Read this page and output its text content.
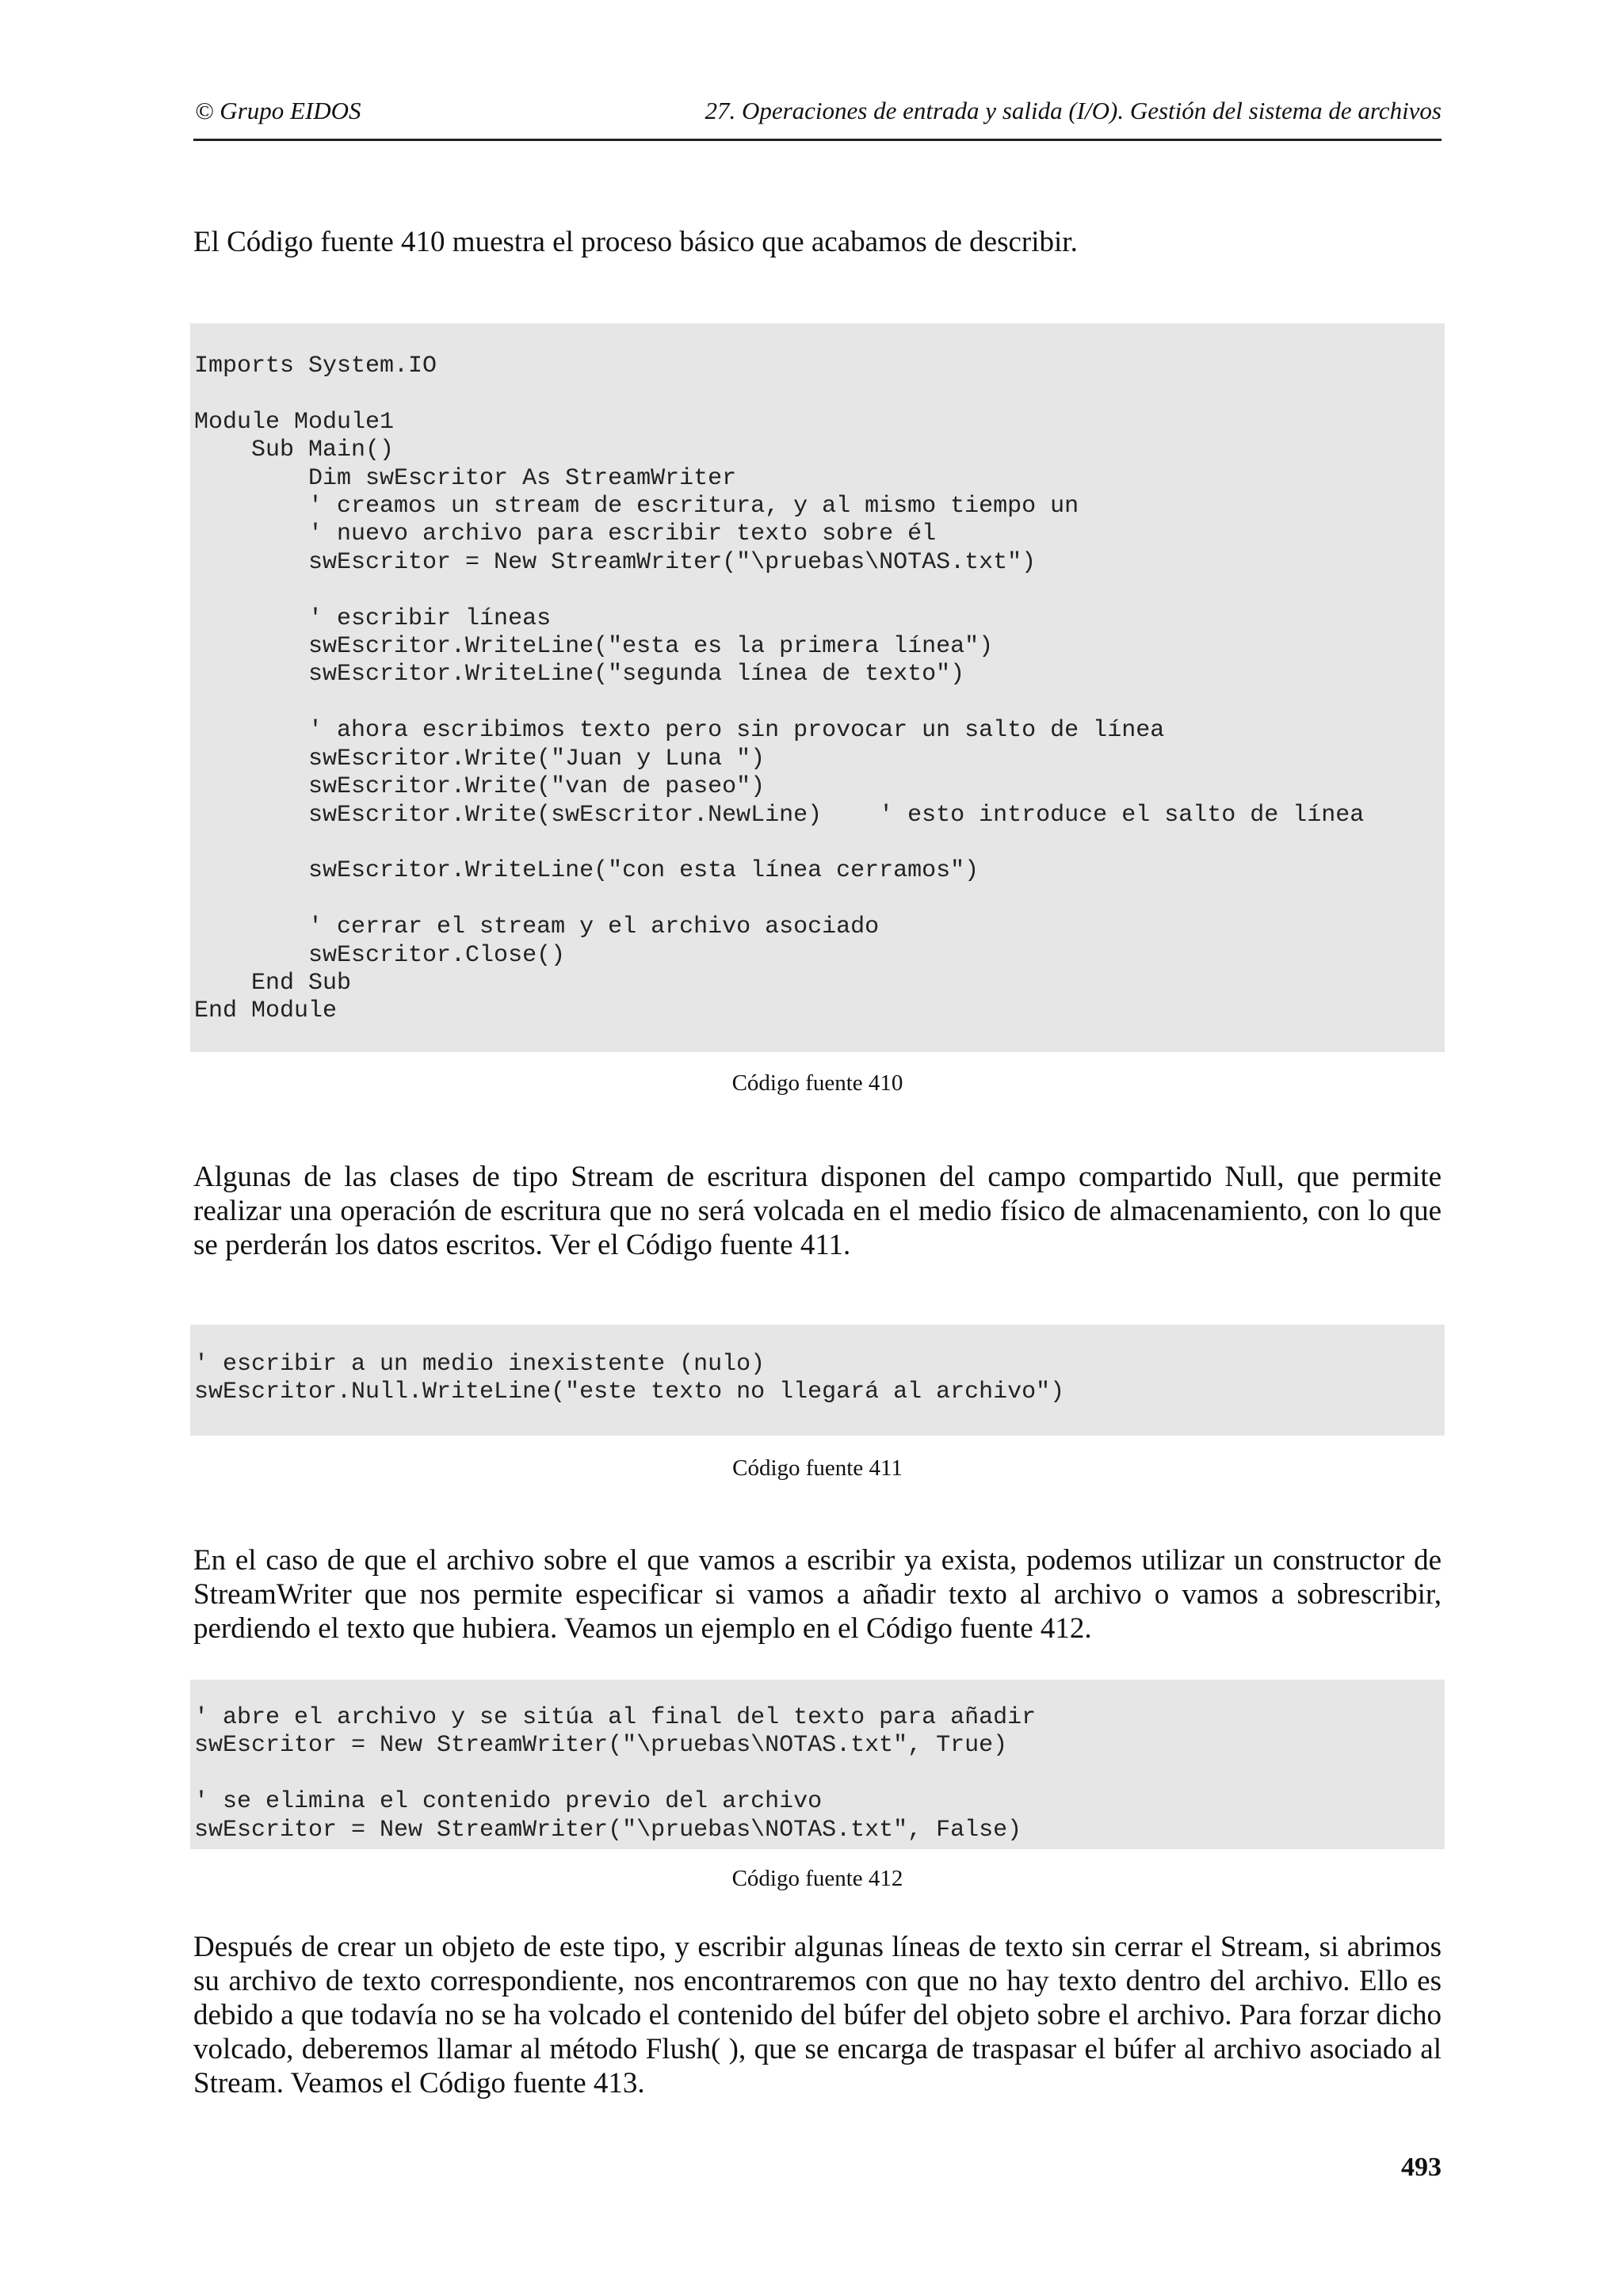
© Grupo EIDOS	27. Operaciones de entrada y salida (I/O). Gestión del sistema de archivos

El Código fuente 410 muestra el proceso básico que acabamos de describir.

Imports System.IO

Module Module1
Sub Main()
Dim swEscritor As StreamWriter
' creamos un stream de escritura, y al mismo tiempo un
' nuevo archivo para escribir texto sobre él
swEscritor = New StreamWriter("\pruebas\NOTAS.txt")

' escribir líneas
swEscritor.WriteLine("esta es la primera línea")
swEscritor.WriteLine("segunda línea de texto")

' ahora escribimos texto pero sin provocar un salto de línea
swEscritor.Write("Juan y Luna ")
swEscritor.Write("van de paseo")
swEscritor.Write(swEscritor.NewLine)    ' esto introduce el salto de línea

swEscritor.WriteLine("con esta línea cerramos")

' cerrar el stream y el archivo asociado
swEscritor.Close()
End Sub
End Module
Código fuente 410

Algunas de las clases de tipo Stream de escritura disponen del campo compartido Null, que permite realizar una operación de escritura que no será volcada en el medio físico de almacenamiento, con lo que se perderán los datos escritos. Ver el Código fuente 411.

' escribir a un medio inexistente (nulo)
swEscritor.Null.WriteLine("este texto no llegará al archivo")
Código fuente 411

En el caso de que el archivo sobre el que vamos a escribir ya exista, podemos utilizar un constructor de StreamWriter que nos permite especificar si vamos a añadir texto al archivo o vamos a sobrescribir, perdiendo el texto que hubiera. Veamos un ejemplo en el Código fuente 412.

' abre el archivo y se sitúa al final del texto para añadir
swEscritor = New StreamWriter("\pruebas\NOTAS.txt", True)

' se elimina el contenido previo del archivo
swEscritor = New StreamWriter("\pruebas\NOTAS.txt", False)
Código fuente 412

Después de crear un objeto de este tipo, y escribir algunas líneas de texto sin cerrar el Stream, si abrimos su archivo de texto correspondiente, nos encontraremos con que no hay texto dentro del archivo. Ello es debido a que todavía no se ha volcado el contenido del búfer del objeto sobre el archivo. Para forzar dicho volcado, deberemos llamar al método Flush( ), que se encarga de traspasar el búfer al archivo asociado al Stream. Veamos el Código fuente 413.

493
